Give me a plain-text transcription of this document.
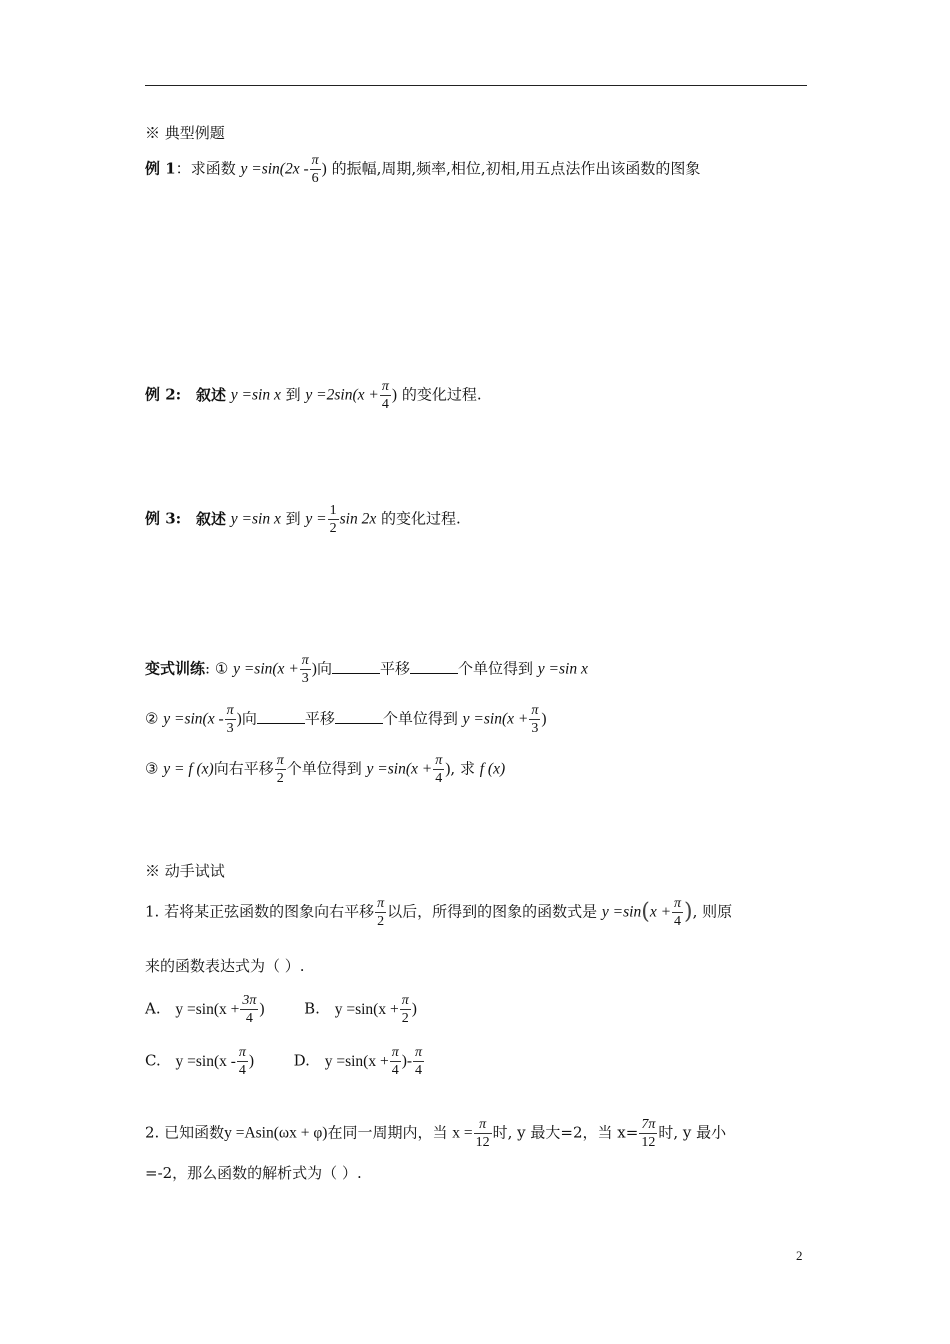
※ 典型例题
例 1：求函数 $y =\sin(2x - \frac{\pi}{6}$ ) 的振幅,周期,频率,相位,初相,用五点法作出该函数的图象
例 2: 叙述 y =sin x 到 $y =2\sin(x + \frac{\pi}{4}$ ) 的变化过程.
例 3: 叙述 y =sin x 到 $y = \frac{1}{2}$ sin 2x 的变化过程.
变式训练: ① $y =\sin(x + \frac{\pi}{3}$ )向	平移	个单位得到 y =sin x
② $y =\sin(x - \frac{\pi}{3}$ )向	平移	个单位得到 $y =\sin(x + \frac{\pi}{3}$ )
③ y = f (x)向右平移 $\frac{\pi}{2}$ 个单位得到 $y =\sin(x + \frac{\pi}{4}$ ), 求 f (x)
※ 动手试试
1. 若将某正弦函数的图象向右平移 $\frac{\pi}{2}$ 以后，所得到的图象的函数式是 $y =\sin(x + \frac{\pi}{4}$ ), 则原
来的函数表达式为（ ）.
A. $y =\sin(x + \frac{3\pi}{4}$ )	B. $y =\sin(x + \frac{\pi}{2}$ )
C. $y =\sin(x - \frac{\pi}{4}$ )	D. $y =\sin(x + \frac{\pi}{4}$ )- $\frac{\pi}{4}$
2. 已知函数y =Asin(ωx + φ)在同一周期内，当 $x = \frac{\pi}{12}$ 时, y 最大=2，当 $x= \frac{7\pi}{12}$ 时, y 最小
=-2，那么函数的解析式为（ ）.
2
